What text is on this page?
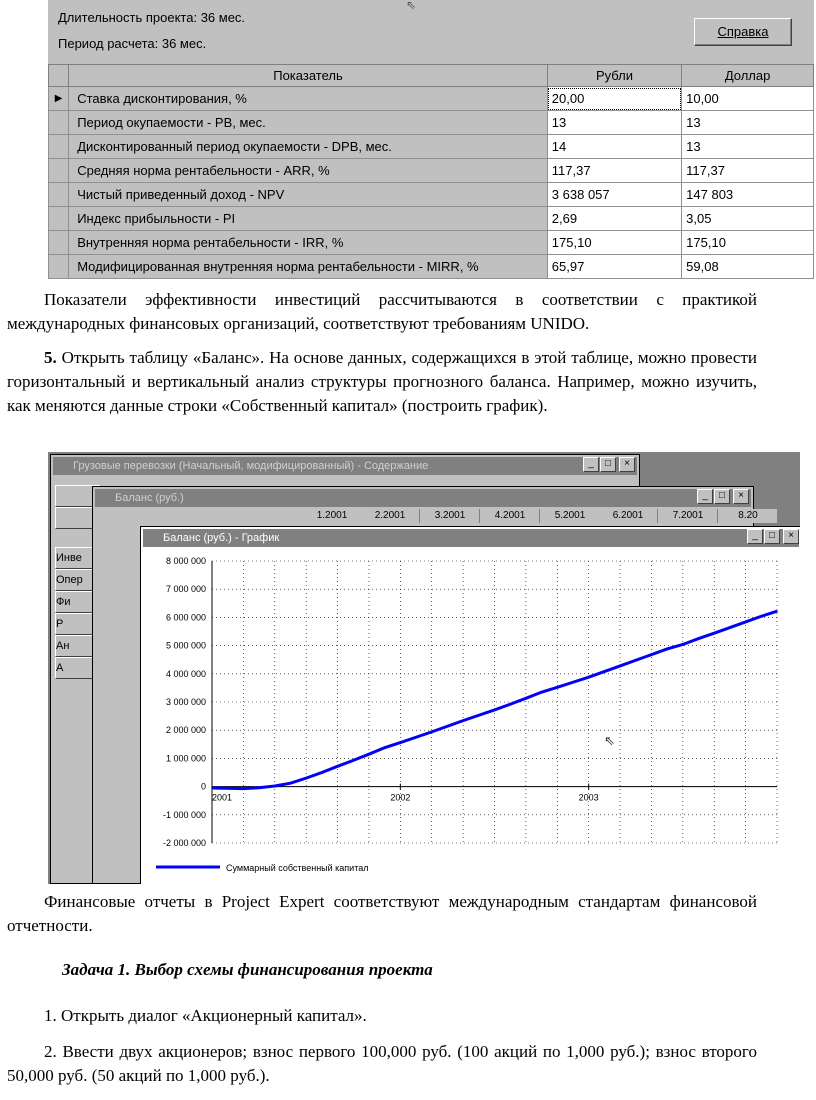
Длительность проекта: 36 мес.
Период расчета: 36 мес.
⇖
Справка
	Показатель	Рубли	Доллар
▶	Ставка дисконтирования, %	20,00	10,00
	Период окупаемости - PB, мес.	13	13
	Дисконтированный период окупаемости - DPB, мес.	14	13
	Средняя норма рентабельности - ARR, %	117,37	117,37
	Чистый приведенный доход - NPV	3 638 057	147 803
	Индекс прибыльности - PI	2,69	3,05
	Внутренняя норма рентабельности - IRR, %	175,10	175,10
	Модифицированная внутренняя норма рентабельности - MIRR, %	65,97	59,08

Показатели эффективности инвестиций рассчитываются в соответствии с практикой международных финансовых организаций, соответствуют требованиям UNIDO.

5. Открыть таблицу «Баланс». На основе данных, содержащихся в этой таблице, можно провести горизонтальный и вертикальный анализ структуры прогнозного баланса. Например, можно изучить, как меняются данные строки «Собственный капитал» (построить график).

Грузовые перевозки (Начальный, модифицированный) - Содержание	_	□	×
Инве
Опер
Фи
Р
Ан
А
Баланс (руб.)	_	□	×
1.2001	2.2001	3.2001	4.2001	5.2001	6.2001	7.2001	8.20
Баланс (руб.) - График	_	□	×
8 000 000
7 000 000
6 000 000
5 000 000
4 000 000
3 000 000
2 000 000
1 000 000
0
-1 000 000
-2 000 000
2001	2002	2003
Суммарный собственный капитал
⇖

Финансовые отчеты в Project Expert соответствуют международным стандартам финансовой отчетности.

Задача 1. Выбор схемы финансирования проекта

1. Открыть диалог «Акционерный капитал».

2. Ввести двух акционеров; взнос первого 100,000 руб. (100 акций по 1,000 руб.); взнос второго 50,000 руб. (50 акций по 1,000 руб.).
